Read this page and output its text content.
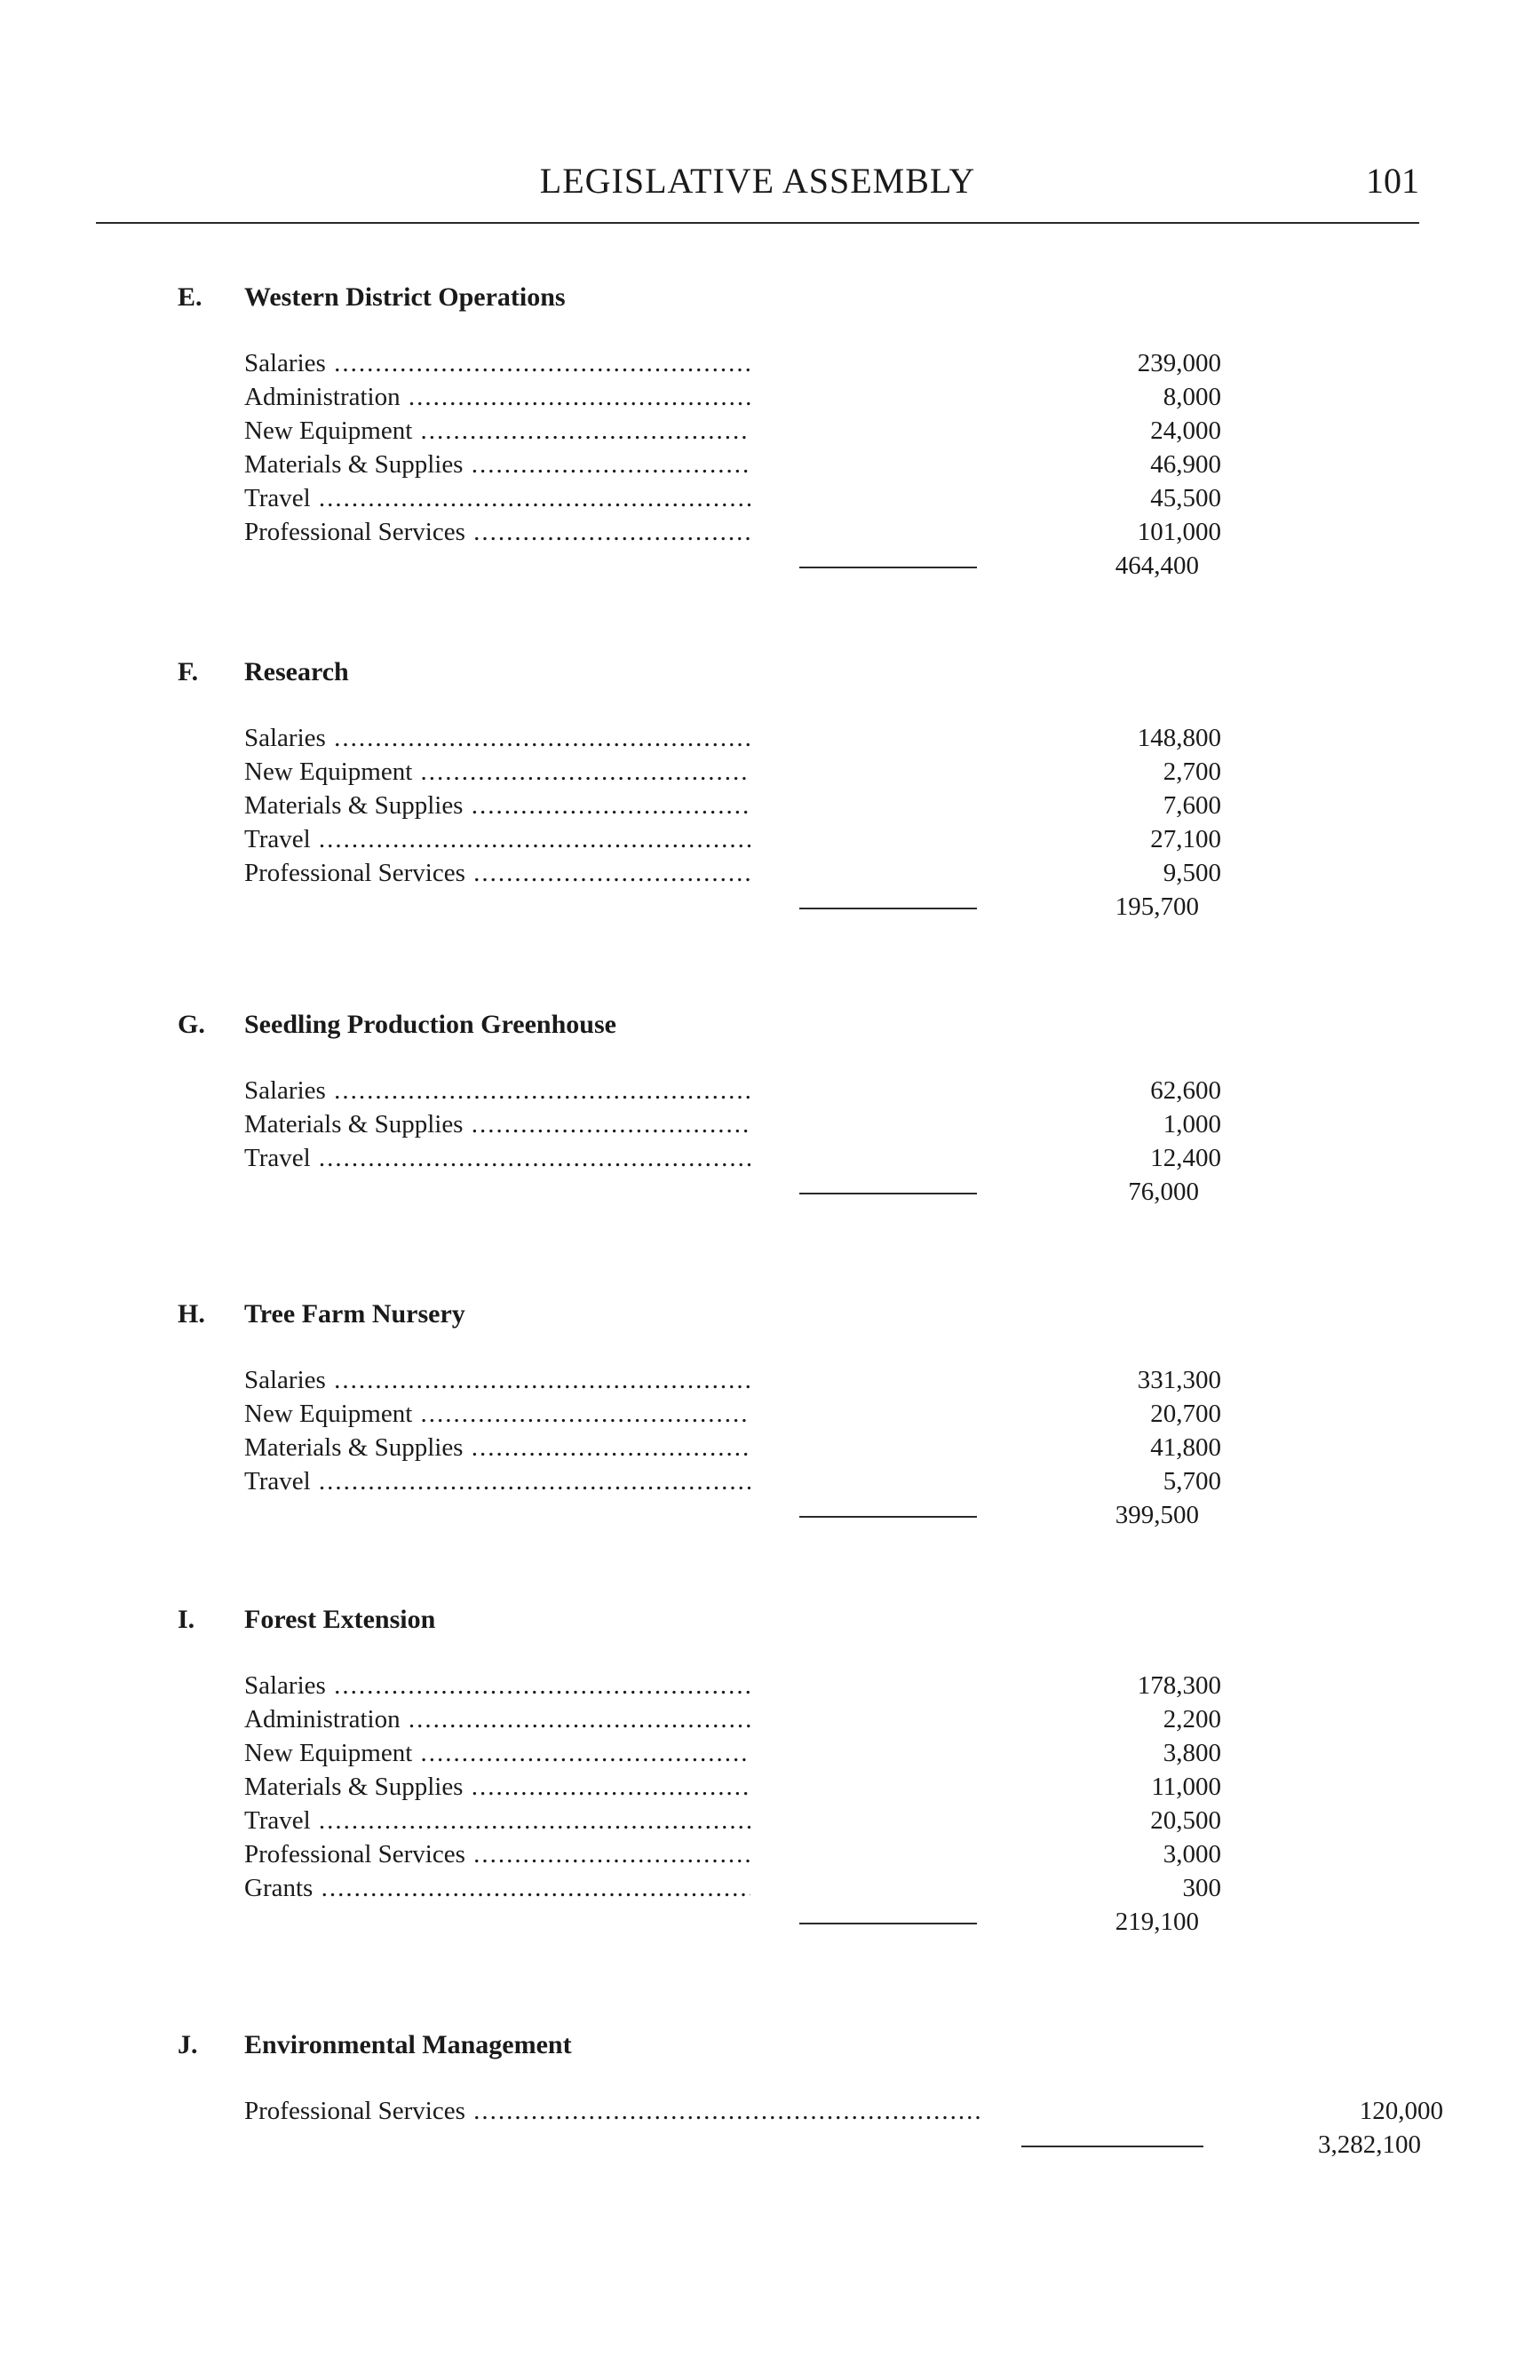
LEGISLATIVE ASSEMBLY	101
E. Western District Operations
Salaries .....	239,000
Administration .....	8,000
New Equipment .....	24,000
Materials & Supplies .....	46,900
Travel .....	45,500
Professional Services .....	101,000
464,400
F. Research
Salaries .....	148,800
New Equipment .....	2,700
Materials & Supplies .....	7,600
Travel .....	27,100
Professional Services .....	9,500
195,700
G. Seedling Production Greenhouse
Salaries .....	62,600
Materials & Supplies .....	1,000
Travel .....	12,400
76,000
H. Tree Farm Nursery
Salaries .....	331,300
New Equipment .....	20,700
Materials & Supplies .....	41,800
Travel .....	5,700
399,500
I. Forest Extension
Salaries .....	178,300
Administration .....	2,200
New Equipment .....	3,800
Materials & Supplies .....	11,000
Travel .....	20,500
Professional Services .....	3,000
Grants .....	300
219,100
J. Environmental Management
Professional Services .....	120,000
3,282,100
